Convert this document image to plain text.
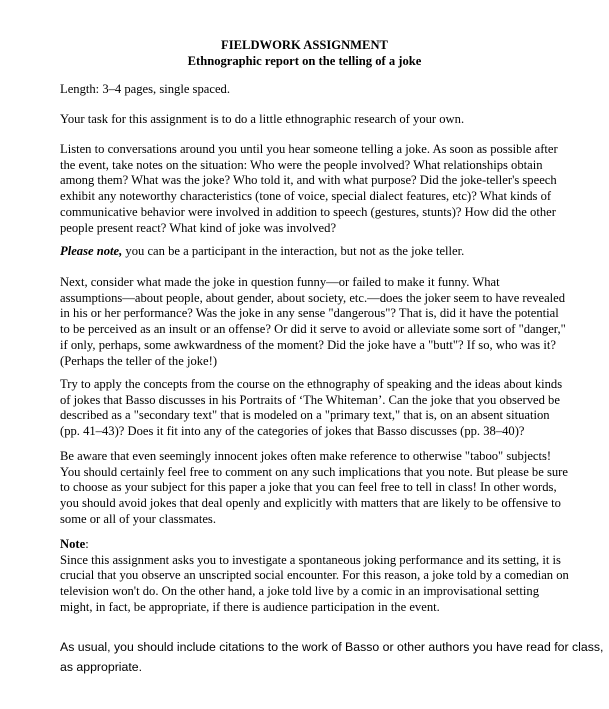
FIELDWORK ASSIGNMENT
Ethnographic report on the telling of a joke

Length: 3–4 pages, single spaced.

Your task for this assignment is to do a little ethnographic research of your own.

Listen to conversations around you until you hear someone telling a joke. As soon as possible after
the event, take notes on the situation: Who were the people involved? What relationships obtain
among them? What was the joke? Who told it, and with what purpose? Did the joke-teller's speech
exhibit any noteworthy characteristics (tone of voice, special dialect features, etc)? What kinds of
communicative behavior were involved in addition to speech (gestures, stunts)? How did the other
people present react? What kind of joke was involved?

Please note, you can be a participant in the interaction, but not as the joke teller.

Next, consider what made the joke in question funny—or failed to make it funny. What
assumptions—about people, about gender, about society, etc.—does the joker seem to have revealed
in his or her performance? Was the joke in any sense "dangerous"? That is, did it have the potential
to be perceived as an insult or an offense? Or did it serve to avoid or alleviate some sort of "danger,"
if only, perhaps, some awkwardness of the moment? Did the joke have a "butt"? If so, who was it?
(Perhaps the teller of the joke!)
Try to apply the concepts from the course on the ethnography of speaking and the ideas about kinds
of jokes that Basso discusses in his Portraits of ‘The Whiteman’. Can the joke that you observed be
described as a "secondary text" that is modeled on a "primary text," that is, on an absent situation
(pp. 41–43)? Does it fit into any of the categories of jokes that Basso discusses (pp. 38–40)?
Be aware that even seemingly innocent jokes often make reference to otherwise "taboo" subjects!
You should certainly feel free to comment on any such implications that you note. But please be sure
to choose as your subject for this paper a joke that you can feel free to tell in class! In other words,
you should avoid jokes that deal openly and explicitly with matters that are likely to be offensive to
some or all of your classmates.
Note:
Since this assignment asks you to investigate a spontaneous joking performance and its setting, it is
crucial that you observe an unscripted social encounter. For this reason, a joke told by a comedian on
television won't do. On the other hand, a joke told live by a comic in an improvisational setting
might, in fact, be appropriate, if there is audience participation in the event.
As usual, you should include citations to the work of Basso or other authors you have read for class,
as appropriate.
